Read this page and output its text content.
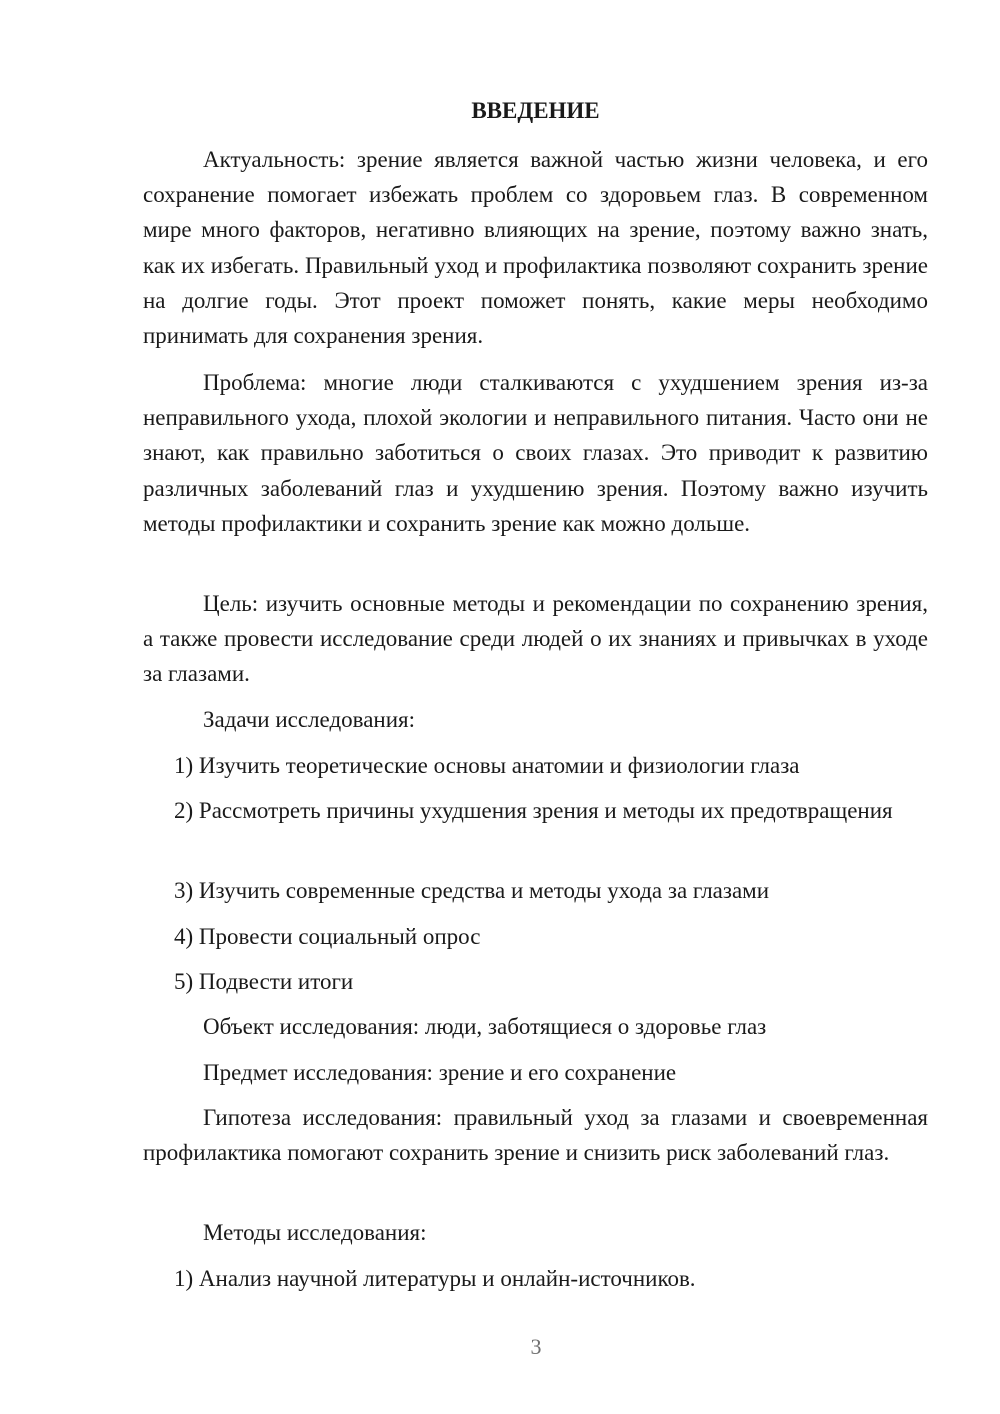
ВВЕДЕНИЕ

Актуальность: зрение является важной частью жизни человека, и его сохранение помогает избежать проблем со здоровьем глаз. В современном мире много факторов, негативно влияющих на зрение, поэтому важно знать, как их избегать. Правильный уход и профилактика позволяют сохранить зрение на долгие годы. Этот проект поможет понять, какие меры необходимо принимать для сохранения зрения.

Проблема: многие люди сталкиваются с ухудшением зрения из-за неправильного ухода, плохой экологии и неправильного питания. Часто они не знают, как правильно заботиться о своих глазах. Это приводит к развитию различных заболеваний глаз и ухудшению зрения. Поэтому важно изучить методы профилактики и сохранить зрение как можно дольше.

Цель: изучить основные методы и рекомендации по сохранению зрения, а также провести исследование среди людей о их знаниях и привычках в уходе за глазами.

Задачи исследования:

1) Изучить теоретические основы анатомии и физиологии глаза

2) Рассмотреть причины ухудшения зрения и методы их предотвращения

3) Изучить современные средства и методы ухода за глазами

4) Провести социальный опрос

5) Подвести итоги

Объект исследования: люди, заботящиеся о здоровье глаз

Предмет исследования: зрение и его сохранение

Гипотеза исследования: правильный уход за глазами и своевременная профилактика помогают сохранить зрение и снизить риск заболеваний глаз.

Методы исследования:

1) Анализ научной литературы и онлайн-источников.

3
